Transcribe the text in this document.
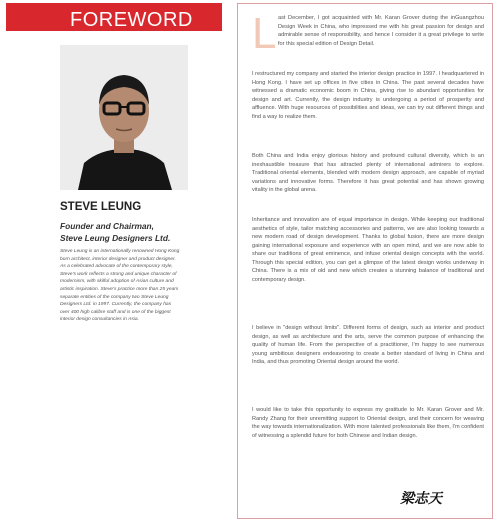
FOREWORD
STEVE LEUNG
Founder and Chairman,
Steve Leung Designers Ltd.
Steve Leung is an internationally renowned Hong Kong born architect, interior designer and product designer. As a celebrated advocate of the contemporary style, Steve's work reflects a strong and unique character of modernism, with skilful adoption of Asian culture and artistic inspiration. Steve's practice more than 25 years separate entities of the company two Steve Leung Designers Ltd. in 1997. Currently, the company has over 400 high calibre staff and is one of the biggest interior design consultancies in Asia.
L ast December, I got acquainted with Mr. Karan Grover during the inGuangzhou Design Week in China, who impressed me with his great passion for design and admirable sense of responsibility, and hence I consider it a great privilege to write for this special edition of Design Detail.
I restructured my company and started the interior design practice in 1997. I headquartered in Hong Kong. I have set up offices in five cities in China. The past several decades have witnessed a dramatic economic boom in China, giving rise to abundant opportunities for design and art. Currently, the design industry is undergoing a period of prosperity and affluence. With huge resources of possibilities and ideas, we can try out different things and find a way to realize them.
Both China and India enjoy glorious history and profound cultural diversity, which is an inexhaustible treasure that has attracted plenty of international admirers to explore. Traditional oriental elements, blended with modern design approach, are capable of myriad variations and innovative forms. Therefore it has great potential and has shown growing vitality in the global arena.
Inheritance and innovation are of equal importance in design. While keeping our traditional aesthetics of style, tailor matching accessories and patterns, we are also looking towards a new modern road of design development. Thanks to global fusion, there are more design gaining international exposure and experience with an open mind, and we are now able to share our traditions of great eminence, and infuse oriental design concepts with the world. Through this special edition, you can get a glimpse of the latest design works underway in China. There is a mix of old and new which creates a stunning balance of traditional and contemporary design.
I believe in "design without limits". Different forms of design, such as interior and product design, as well as architecture and the arts, serve the common purpose of enhancing the quality of human life. From the perspective of a practitioner, I'm happy to see numerous young ambitious designers endeavoring to create a better standard of living in China and India, and thus promoting Oriental design around the world.
I would like to take this opportunity to express my gratitude to Mr. Karan Grover and Mr. Randy Zhang for their unremitting support to Oriental design, and their concern for weaving the way towards internationalization. With more talented professionals like them, I'm confident of witnessing a splendid future for both Chinese and Indian design.
梁志天
